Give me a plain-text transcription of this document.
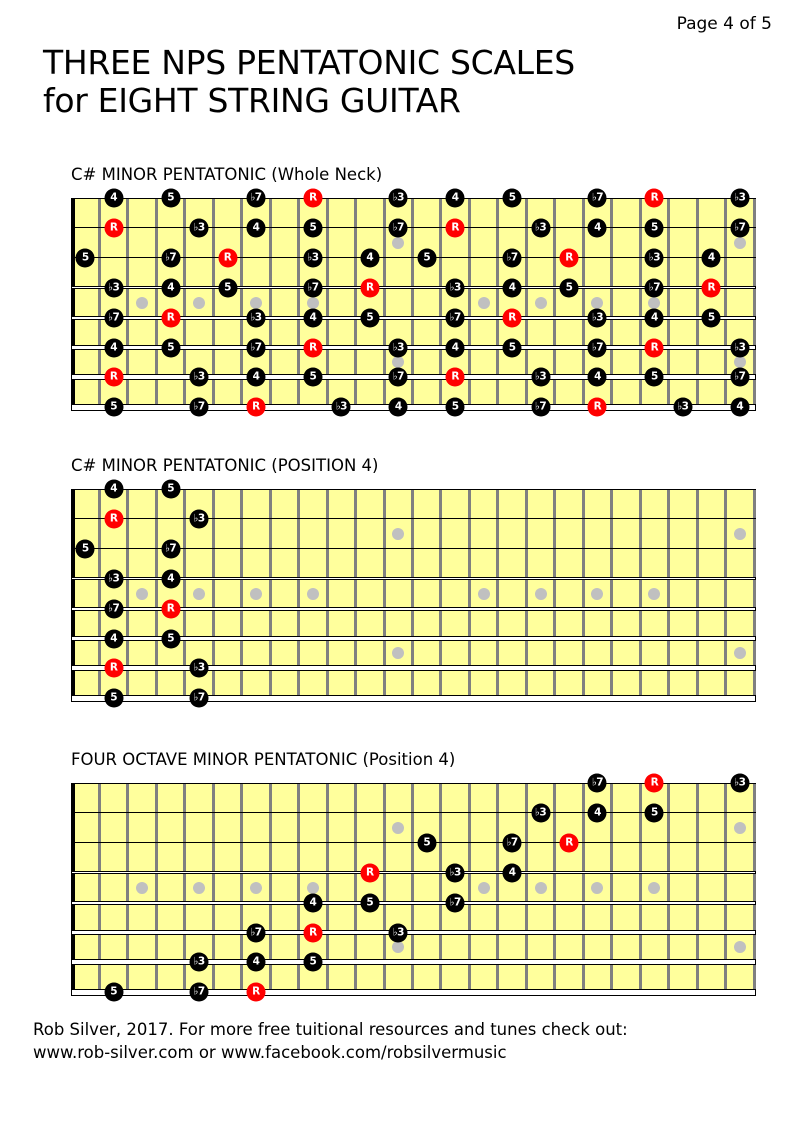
Page 4 of 5
THREE NPS PENTATONIC SCALES
for EIGHT STRING GUITAR
C# MINOR PENTATONIC (Whole Neck)
4	5	♭7	R	♭3	4	5	♭7	R	♭3
R	♭3	4	5	♭7	R	♭3	4	5	♭7
5	♭7	R	♭3	4	5	♭7	R	♭3	4
♭3	4	5	♭7	R	♭3	4	5	♭7	R
♭7	R	♭3	4	5	♭7	R	♭3	4	5
4	5	♭7	R	♭3	4	5	♭7	R	♭3
R	♭3	4	5	♭7	R	♭3	4	5	♭7
5	♭7	R	♭3	4	5	♭7	R	♭3	4
C# MINOR PENTATONIC (POSITION 4)
4	5
R	♭3
5	♭7
♭3	4
♭7	R
4	5
R	♭3
5	♭7
FOUR OCTAVE MINOR PENTATONIC (Position 4)
♭7	R	♭3
♭3	4	5
5	♭7	R
R	♭3	4
4	5	♭7
♭7	R	♭3
♭3	4	5
5	♭7	R
Rob Silver, 2017. For more free tuitional resources and tunes check out:
www.rob-silver.com or www.facebook.com/robsilvermusic
